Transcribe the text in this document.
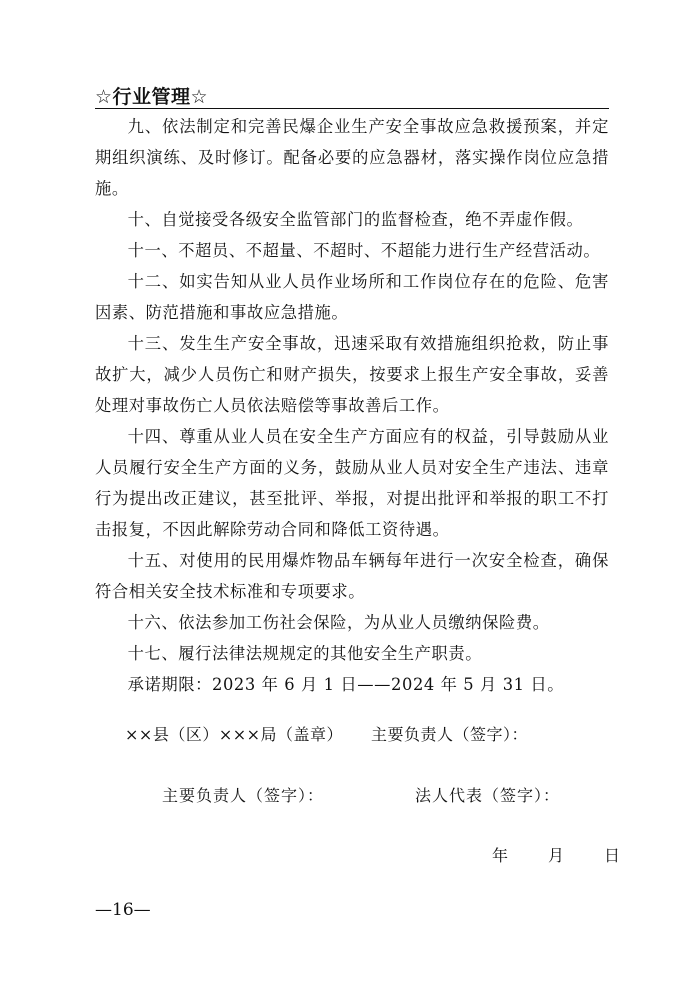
☆行业管理☆

九、依法制定和完善民爆企业生产安全事故应急救援预案，并定期组织演练、及时修订。配备必要的应急器材，落实操作岗位应急措施。

十、自觉接受各级安全监管部门的监督检查，绝不弄虚作假。

十一、不超员、不超量、不超时、不超能力进行生产经营活动。

十二、如实告知从业人员作业场所和工作岗位存在的危险、危害因素、防范措施和事故应急措施。

十三、发生生产安全事故，迅速采取有效措施组织抢救，防止事故扩大，减少人员伤亡和财产损失，按要求上报生产安全事故，妥善处理对事故伤亡人员依法赔偿等事故善后工作。

十四、尊重从业人员在安全生产方面应有的权益，引导鼓励从业人员履行安全生产方面的义务，鼓励从业人员对安全生产违法、违章行为提出改正建议，甚至批评、举报，对提出批评和举报的职工不打击报复，不因此解除劳动合同和降低工资待遇。

十五、对使用的民用爆炸物品车辆每年进行一次安全检查，确保符合相关安全技术标准和专项要求。

十六、依法参加工伤社会保险，为从业人员缴纳保险费。

十七、履行法律法规规定的其他安全生产职责。

承诺期限：2023 年 6 月 1 日——2024 年 5 月 31 日。

××县（区）×××局（盖章） 主要负责人（签字）：
主要负责人（签字）：	法人代表（签字）：
年	月	日
—16—
